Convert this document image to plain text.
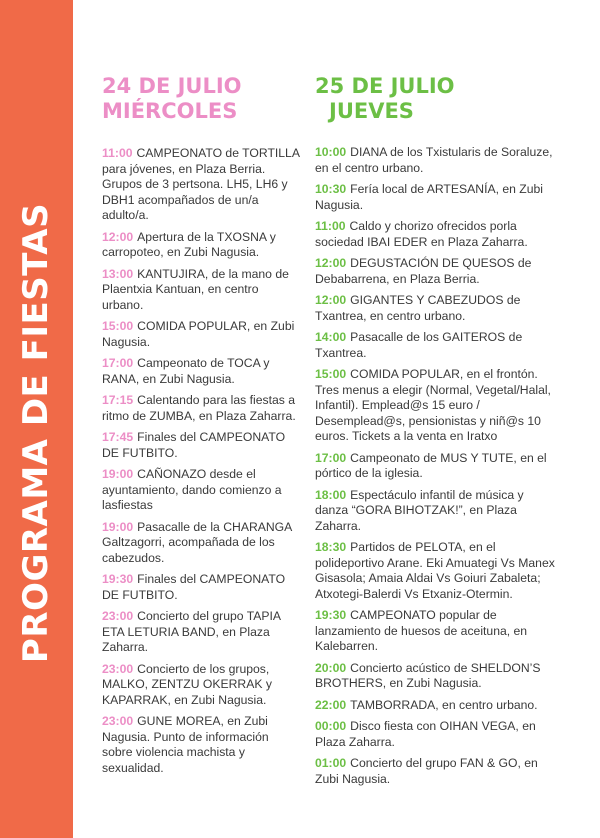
PROGRAMA DE FIESTAS
24 DE JULIO
MIÉRCOLES

11:00 CAMPEONATO de TORTILLA para jóvenes, en Plaza Berria. Grupos de 3 pertsona. LH5, LH6 y DBH1 acompañados de un/a adulto/a.

12:00 Apertura de la TXOSNA y carropoteo, en Zubi Nagusia.

13:00 KANTUJIRA, de la mano de Plaentxia Kantuan, en centro urbano.

15:00 COMIDA POPULAR, en Zubi Nagusia.

17:00 Campeonato de TOCA y RANA, en Zubi Nagusia.

17:15 Calentando para las fiestas a ritmo de ZUMBA, en Plaza Zaharra.

17:45 Finales del CAMPEONATO DE FUTBITO.

19:00 CAÑONAZO desde el ayuntamiento, dando comienzo a lasfiestas

19:00 Pasacalle de la CHARANGA Galtzagorri, acompañada de los cabezudos.

19:30 Finales del CAMPEONATO DE FUTBITO.

23:00 Concierto del grupo TAPIA ETA LETURIA BAND, en Plaza Zaharra.

23:00 Concierto de los grupos, MALKO, ZENTZU OKERRAK y KAPARRAK, en Zubi Nagusia.

23:00 GUNE MOREA, en Zubi Nagusia. Punto de información sobre violencia machista y sexualidad.

25 DE JULIO JUEVES

10:00 DIANA de los Txistularis de Soraluze, en el centro urbano.

10:30 Fería local de ARTESANÍA, en Zubi Nagusia.

11:00 Caldo y chorizo ofrecidos porla sociedad IBAI EDER en Plaza Zaharra.

12:00 DEGUSTACIÓN DE QUESOS de Debabarrena, en Plaza Berria.

12:00 GIGANTES Y CABEZUDOS de Txantrea, en centro urbano.

14:00 Pasacalle de los GAITEROS de Txantrea.

15:00 COMIDA POPULAR, en el frontón. Tres menus a elegir (Normal, Vegetal/Halal, Infantil). Emplead@s 15 euro / Desemplead@s, pensionistas y niñ@s 10 euros. Tickets a la venta en Iratxo

17:00 Campeonato de MUS Y TUTE, en el pórtico de la iglesia.

18:00 Espectáculo infantil de música y danza “GORA BIHOTZAK!”, en Plaza Zaharra.

18:30 Partidos de PELOTA, en el polideportivo Arane. Eki Amuategi Vs Manex Gisasola; Amaia Aldai Vs Goiuri Zabaleta; Atxotegi-Balerdi Vs Etxaniz-Otermin.

19:30 CAMPEONATO popular de lanzamiento de huesos de aceituna, en Kalebarren.

20:00 Concierto acústico de SHELDON’S BROTHERS, en Zubi Nagusia.

22:00 TAMBORRADA, en centro urbano.

00:00 Disco fiesta con OIHAN VEGA, en Plaza Zaharra.

01:00 Concierto del grupo FAN & GO, en Zubi Nagusia.
